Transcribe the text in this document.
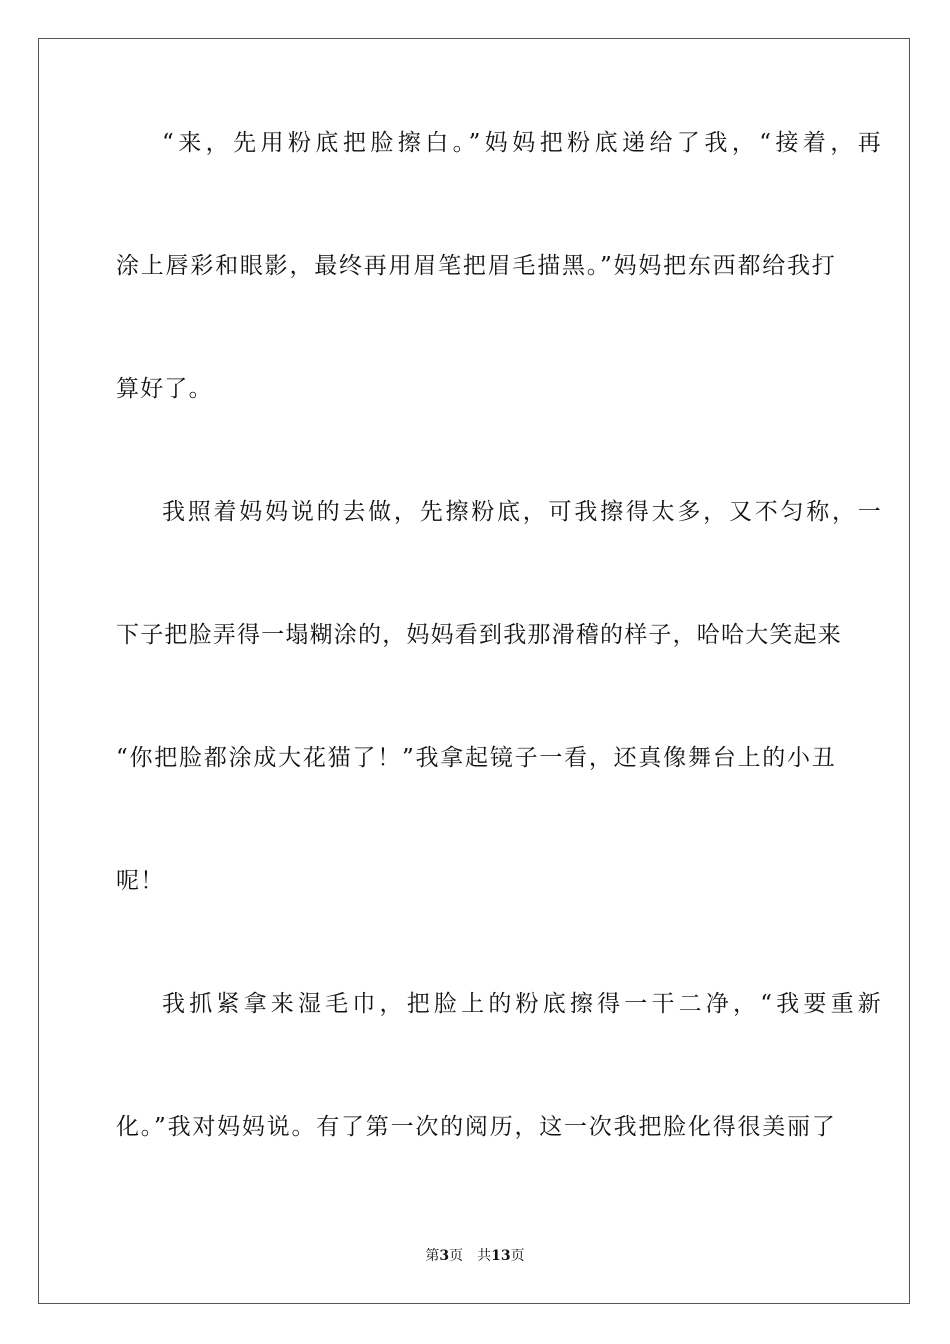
“来，先用粉底把脸擦白。”妈妈把粉底递给了我，“接着，再
涂上唇彩和眼影，最终再用眉笔把眉毛描黑。”妈妈把东西都给我打
算好了。
我照着妈妈说的去做，先擦粉底，可我擦得太多，又不匀称，一
下子把脸弄得一塌糊涂的，妈妈看到我那滑稽的样子，哈哈大笑起来
“你把脸都涂成大花猫了！”我拿起镜子一看，还真像舞台上的小丑
呢！
我抓紧拿来湿毛巾，把脸上的粉底擦得一干二净，“我要重新
化。”我对妈妈说。有了第一次的阅历，这一次我把脸化得很美丽了
第3页 共13页
